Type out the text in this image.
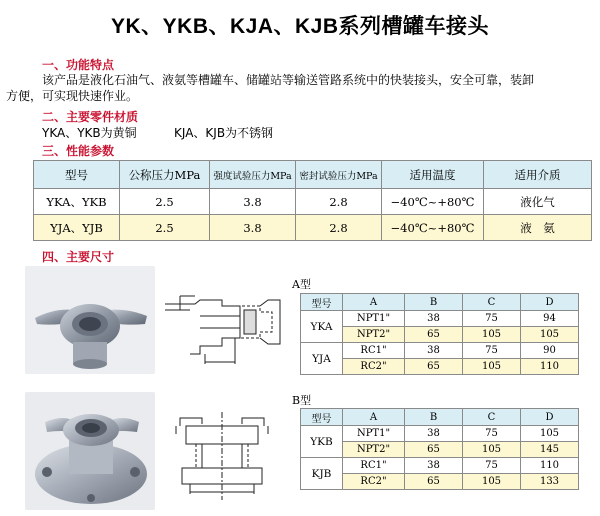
YK、YKB、KJA、KJB系列槽罐车接头
一、功能特点
该产品是液化石油气、液氨等槽罐车、储罐站等输送管路系统中的快装接头，安全可靠，装卸
方便，可实现快速作业。
二、主要零件材质
YKA、YKB为黄铜	KJA、KJB为不锈钢
三、性能参数
型号	公称压力MPa	强度试验压力MPa	密封试验压力MPa	适用温度	适用介质
YKA、YKB	2.5	3.8	2.8	−40℃~+80℃	液化气
YJA、YJB	2.5	3.8	2.8	−40℃~+80℃	液　氨
四、主要尺寸
A型
型号	A	B	C	D
YKA	NPT1"	38	75	94
	NPT2"	65	105	105
YJA	RC1"	38	75	90
	RC2"	65	105	110
B型
型号	A	B	C	D
YKB	NPT1"	38	75	105
	NPT2"	65	105	145
KJB	RC1"	38	75	110
	RC2"	65	105	133
